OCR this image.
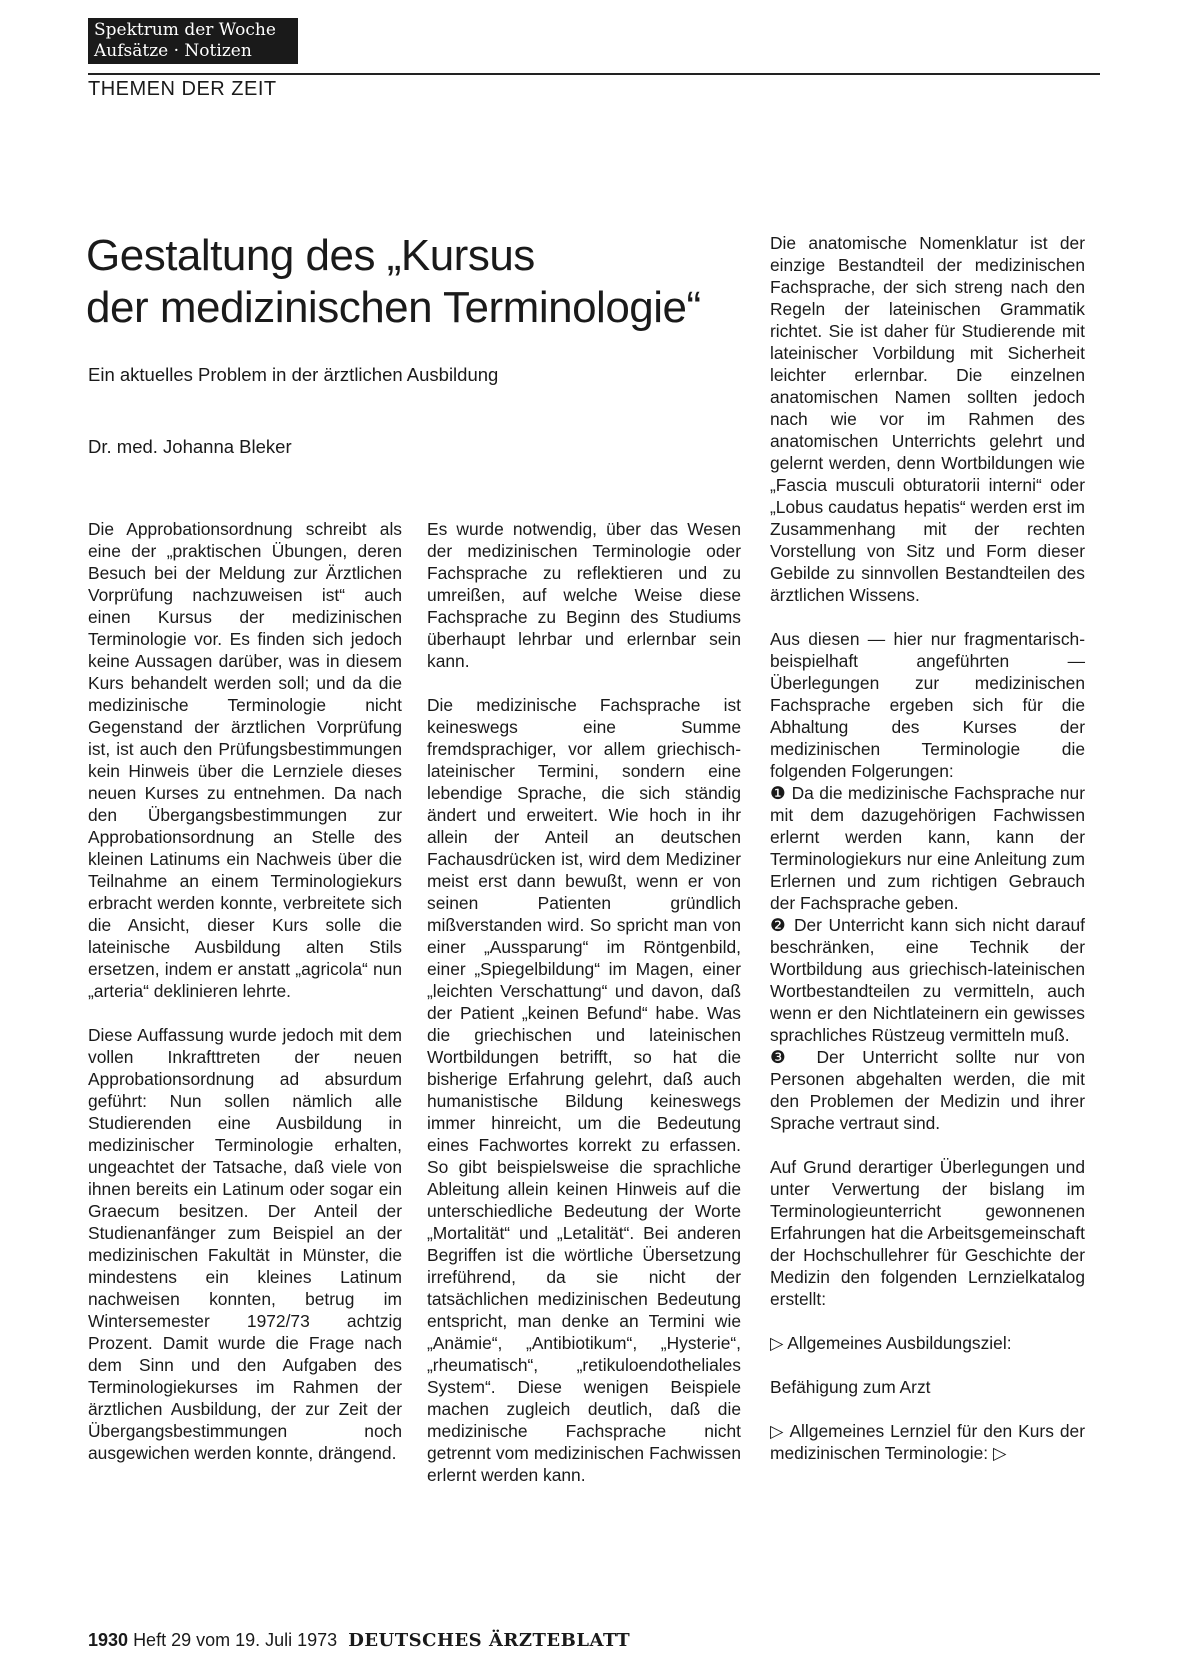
Spektrum der Woche
Aufsätze · Notizen
THEMEN DER ZEIT
Gestaltung des „Kursus
der medizinischen Terminologie“
Ein aktuelles Problem in der ärztlichen Ausbildung
Dr. med. Johanna Bleker

Die Approbationsordnung schreibt als eine der „praktischen Übungen, deren Besuch bei der Meldung zur Ärztlichen Vorprüfung nachzuweisen ist“ auch einen Kursus der medizinischen Terminologie vor. Es finden sich jedoch keine Aussagen darüber, was in diesem Kurs behandelt werden soll; und da die medizinische Terminologie nicht Gegenstand der ärztlichen Vorprüfung ist, ist auch den Prüfungsbestimmungen kein Hinweis über die Lernziele dieses neuen Kurses zu entnehmen. Da nach den Übergangsbestimmungen zur Approbationsordnung an Stelle des kleinen Latinums ein Nachweis über die Teilnahme an einem Terminologiekurs erbracht werden konnte, verbreitete sich die Ansicht, dieser Kurs solle die lateinische Ausbildung alten Stils ersetzen, indem er anstatt „agricola“ nun „arteria“ deklinieren lehrte.

Diese Auffassung wurde jedoch mit dem vollen Inkrafttreten der neuen Approbationsordnung ad absurdum geführt: Nun sollen nämlich alle Studierenden eine Ausbildung in medizinischer Terminologie erhalten, ungeachtet der Tatsache, daß viele von ihnen bereits ein Latinum oder sogar ein Graecum besitzen. Der Anteil der Studienanfänger zum Beispiel an der medizinischen Fakultät in Münster, die mindestens ein kleines Latinum nachweisen konnten, betrug im Wintersemester 1972/73 achtzig Prozent. Damit wurde die Frage nach dem Sinn und den Aufgaben des Terminologiekurses im Rahmen der ärztlichen Ausbildung, der zur Zeit der Übergangsbestimmungen noch ausgewichen werden konnte, drängend.

Es wurde notwendig, über das Wesen der medizinischen Terminologie oder Fachsprache zu reflektieren und zu umreißen, auf welche Weise diese Fachsprache zu Beginn des Studiums überhaupt lehrbar und erlernbar sein kann.

Die medizinische Fachsprache ist keineswegs eine Summe fremdsprachiger, vor allem griechisch-lateinischer Termini, sondern eine lebendige Sprache, die sich ständig ändert und erweitert. Wie hoch in ihr allein der Anteil an deutschen Fachausdrücken ist, wird dem Mediziner meist erst dann bewußt, wenn er von seinen Patienten gründlich mißverstanden wird. So spricht man von einer „Aussparung“ im Röntgenbild, einer „Spiegelbildung“ im Magen, einer „leichten Verschattung“ und davon, daß der Patient „keinen Befund“ habe. Was die griechischen und lateinischen Wortbildungen betrifft, so hat die bisherige Erfahrung gelehrt, daß auch humanistische Bildung keineswegs immer hinreicht, um die Bedeutung eines Fachwortes korrekt zu erfassen. So gibt beispielsweise die sprachliche Ableitung allein keinen Hinweis auf die unterschiedliche Bedeutung der Worte „Mortalität“ und „Letalität“. Bei anderen Begriffen ist die wörtliche Übersetzung irreführend, da sie nicht der tatsächlichen medizinischen Bedeutung entspricht, man denke an Termini wie „Anämie“, „Antibiotikum“, „Hysterie“, „rheumatisch“, „retikuloendotheliales System“. Diese wenigen Beispiele machen zugleich deutlich, daß die medizinische Fachsprache nicht getrennt vom medizinischen Fachwissen erlernt werden kann.

Die anatomische Nomenklatur ist der einzige Bestandteil der medizinischen Fachsprache, der sich streng nach den Regeln der lateinischen Grammatik richtet. Sie ist daher für Studierende mit lateinischer Vorbildung mit Sicherheit leichter erlernbar. Die einzelnen anatomischen Namen sollten jedoch nach wie vor im Rahmen des anatomischen Unterrichts gelehrt und gelernt werden, denn Wortbildungen wie „Fascia musculi obturatorii interni“ oder „Lobus caudatus hepatis“ werden erst im Zusammenhang mit der rechten Vorstellung von Sitz und Form dieser Gebilde zu sinnvollen Bestandteilen des ärztlichen Wissens.

Aus diesen — hier nur fragmentarisch-beispielhaft angeführten — Überlegungen zur medizinischen Fachsprache ergeben sich für die Abhaltung des Kurses der medizinischen Terminologie die folgenden Folgerungen:

❶ Da die medizinische Fachsprache nur mit dem dazugehörigen Fachwissen erlernt werden kann, kann der Terminologiekurs nur eine Anleitung zum Erlernen und zum richtigen Gebrauch der Fachsprache geben.

❷ Der Unterricht kann sich nicht darauf beschränken, eine Technik der Wortbildung aus griechisch-lateinischen Wortbestandteilen zu vermitteln, auch wenn er den Nichtlateinern ein gewisses sprachliches Rüstzeug vermitteln muß.

❸ Der Unterricht sollte nur von Personen abgehalten werden, die mit den Problemen der Medizin und ihrer Sprache vertraut sind.

Auf Grund derartiger Überlegungen und unter Verwertung der bislang im Terminologieunterricht gewonnenen Erfahrungen hat die Arbeitsgemeinschaft der Hochschullehrer für Geschichte der Medizin den folgenden Lernzielkatalog erstellt:

▷ Allgemeines Ausbildungsziel:

Befähigung zum Arzt

▷ Allgemeines Lernziel für den Kurs der medizinischen Terminologie: ▷

1930 Heft 29 vom 19. Juli 1973 DEUTSCHES ÄRZTEBLATT
